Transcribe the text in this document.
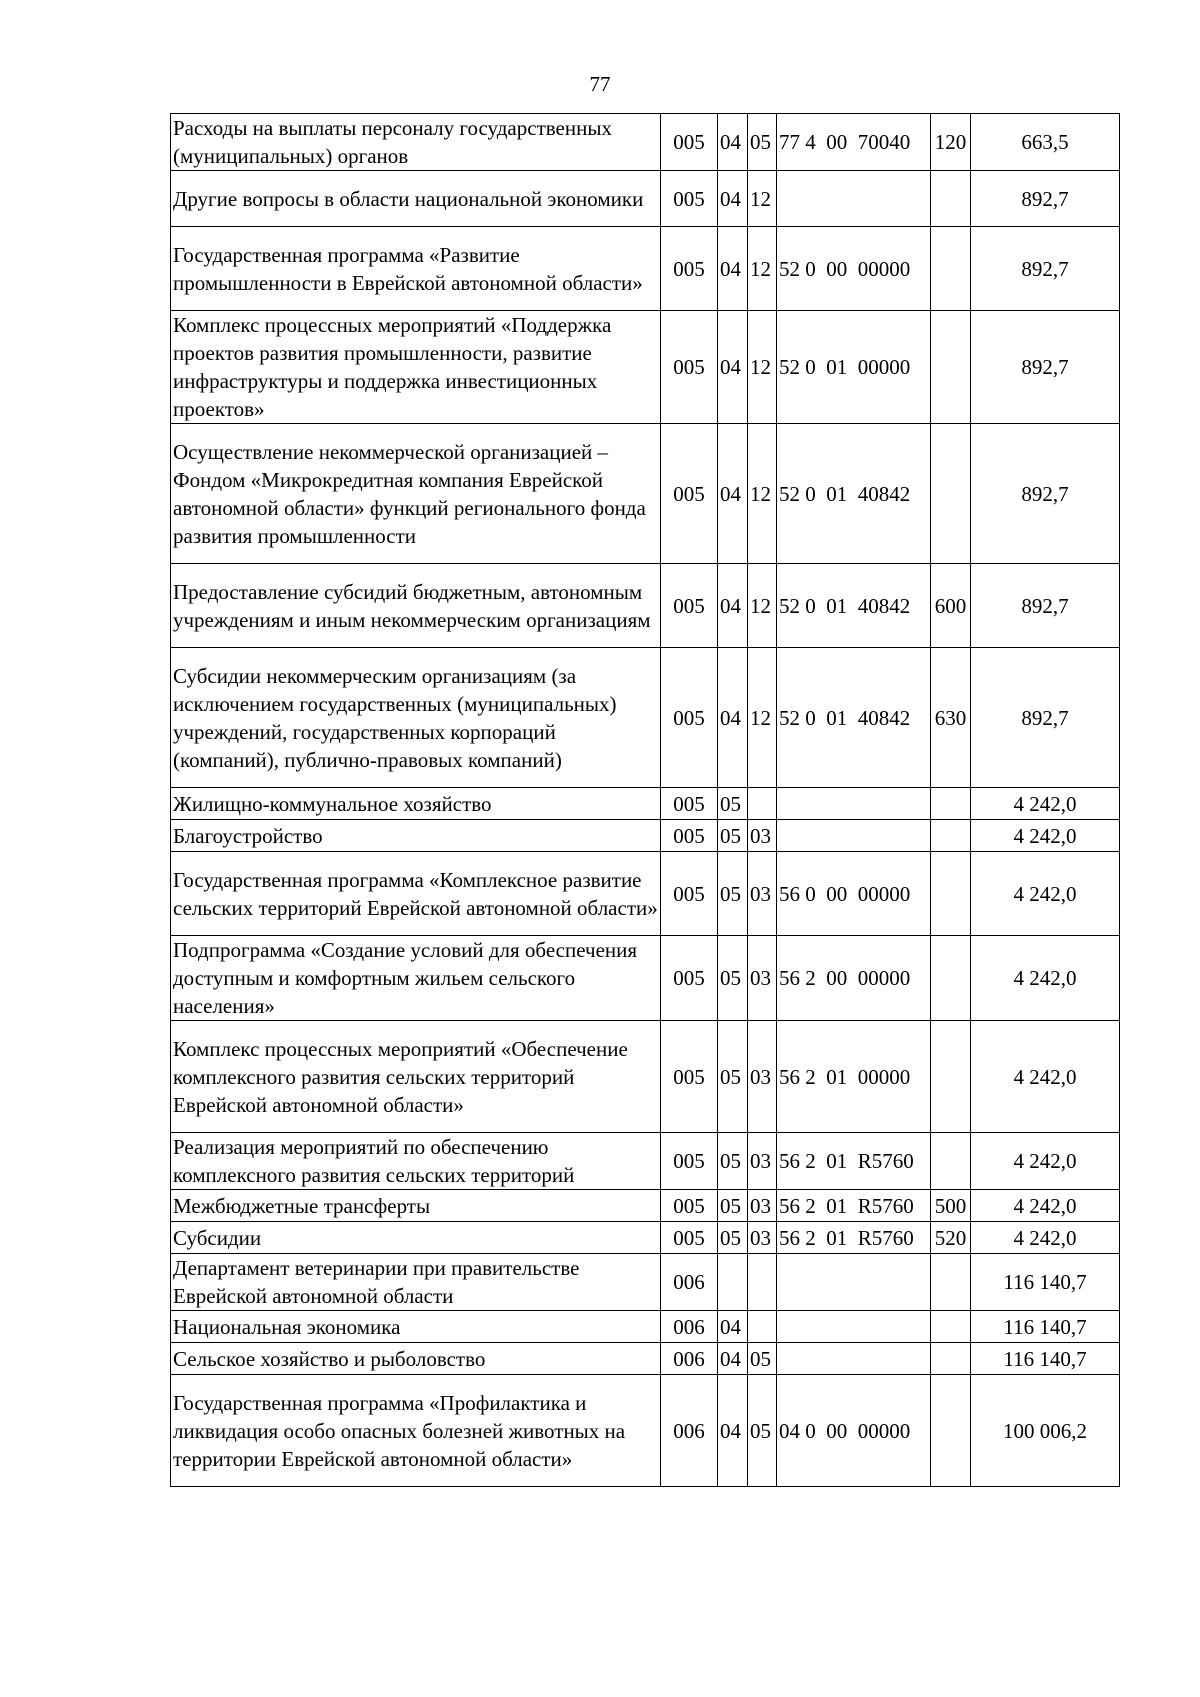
77
Расходы на выплаты персоналу государственных (муниципальных) органов	005	04	05	77 4  00  70040	120	663,5
Другие вопросы в области национальной экономики	005	04	12			892,7
Государственная программа «Развитие промышленности в Еврейской автономной области»	005	04	12	52 0  00  00000		892,7
Комплекс процессных мероприятий «Поддержка проектов развития промышленности, развитие инфраструктуры и поддержка инвестиционных проектов»	005	04	12	52 0  01  00000		892,7
Осуществление некоммерческой организацией – Фондом «Микрокредитная компания Еврейской автономной области» функций регионального фонда развития промышленности	005	04	12	52 0  01  40842		892,7
Предоставление субсидий бюджетным, автономным учреждениям и иным некоммерческим организациям	005	04	12	52 0  01  40842	600	892,7
Субсидии некоммерческим организациям (за исключением государственных (муниципальных) учреждений, государственных корпораций (компаний), публично-правовых компаний)	005	04	12	52 0  01  40842	630	892,7
Жилищно-коммунальное хозяйство	005	05				4 242,0
Благоустройство	005	05	03			4 242,0
Государственная программа «Комплексное развитие сельских территорий Еврейской автономной области»	005	05	03	56 0  00  00000		4 242,0
Подпрограмма «Создание условий для обеспечения доступным и комфортным жильем сельского населения»	005	05	03	56 2  00  00000		4 242,0
Комплекс процессных мероприятий «Обеспечение комплексного развития сельских территорий Еврейской автономной области»	005	05	03	56 2  01  00000		4 242,0
Реализация мероприятий по обеспечению комплексного развития сельских территорий	005	05	03	56 2  01  R5760		4 242,0
Межбюджетные трансферты	005	05	03	56 2  01  R5760	500	4 242,0
Субсидии	005	05	03	56 2  01  R5760	520	4 242,0
Департамент ветеринарии при правительстве Еврейской автономной области	006					116 140,7
Национальная экономика	006	04				116 140,7
Сельское хозяйство и рыболовство	006	04	05			116 140,7
Государственная программа «Профилактика и ликвидация особо опасных болезней животных на территории Еврейской автономной области»	006	04	05	04 0  00  00000		100 006,2
